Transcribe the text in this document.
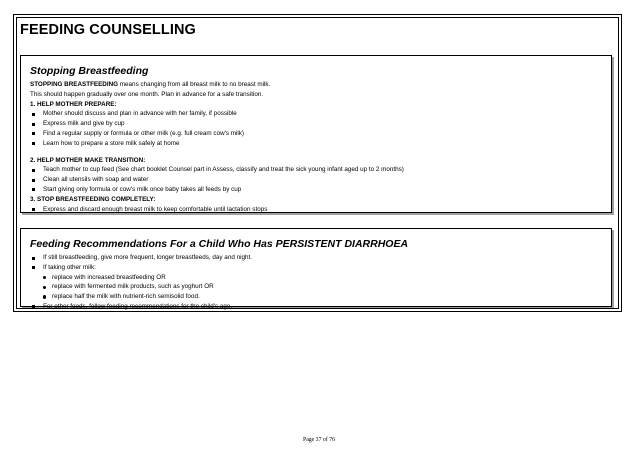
FEEDING COUNSELLING
Stopping Breastfeeding
STOPPING BREASTFEEDING means changing from all breast milk to no breast milk.
This should happen gradually over one month. Plan in advance for a safe transition.
1. HELP MOTHER PREPARE:
Mother should discuss and plan in advance with her family, if possible
Express milk and give by cup
Find a regular supply or formula or other milk (e.g. full cream cow's milk)
Learn how to prepare a store milk safely at home
2. HELP MOTHER MAKE TRANSITION:
Teach mother to cup feed (See chart booklet Counsel part in Assess, classify and treat the sick young infant aged up to 2 months)
Clean all utensils with soap and water
Start giving only formula or cow's milk once baby takes all feeds by cup
3. STOP BREASTFEEDING COMPLETELY:
Express and discard enough breast milk to keep comfortable until lactation stops
Feeding Recommendations For a Child Who Has PERSISTENT DIARRHOEA
If still breastfeeding, give more frequent, longer breastfeeds, day and night.
If taking other milk:
replace with increased breastfeeding OR
replace with fermented milk products, such as yoghurt OR
replace half the milk with nutrient-rich semisolid food.
For other foods, follow feeding recommendations for the child's age.
Page 37 of 76
